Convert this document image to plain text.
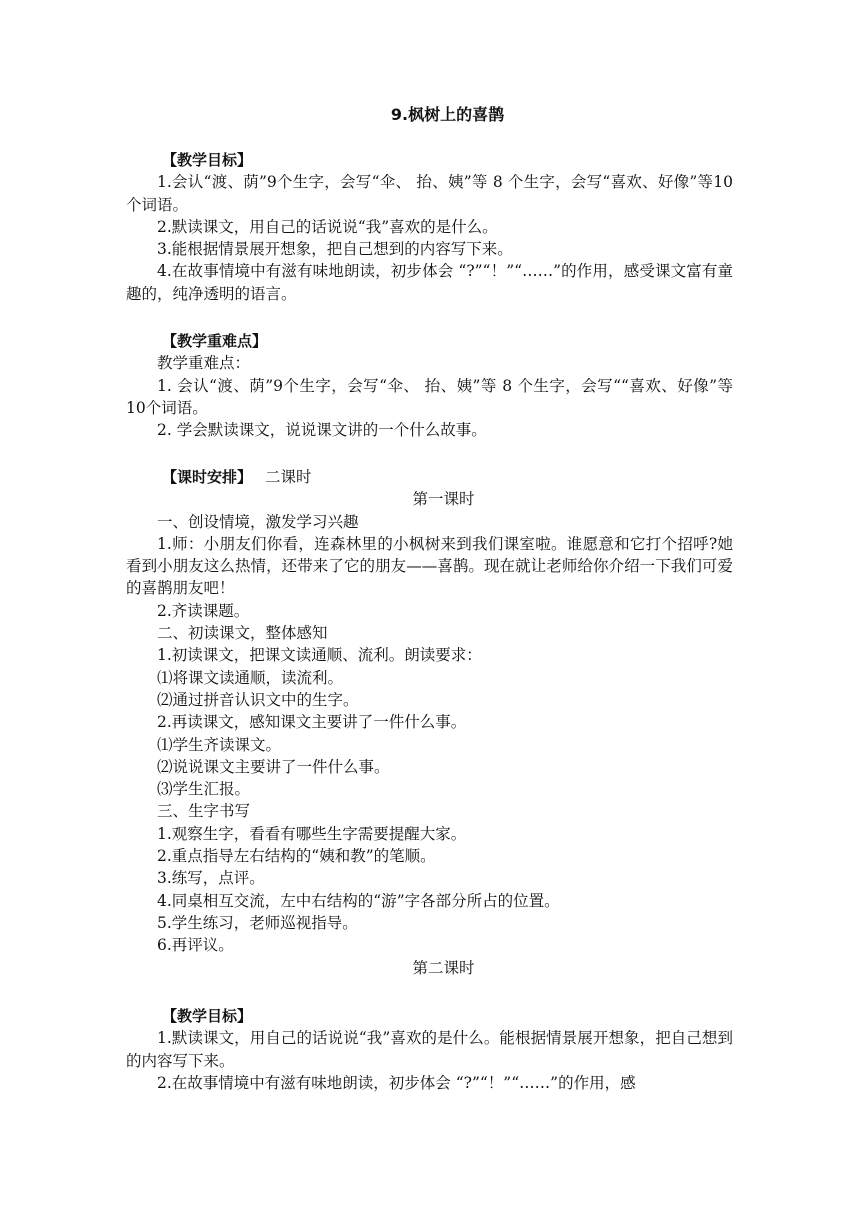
9.枫树上的喜鹊

【教学目标】

1.会认“渡、荫”9个生字，会写“伞、 抬、姨”等 8 个生字，会写“喜欢、好像”等10个词语。

2.默读课文，用自己的话说说“我”喜欢的是什么。

3.能根据情景展开想象，把自己想到的内容写下来。

4.在故事情境中有滋有味地朗读，初步体会 “?”“！”“……”的作用，感受课文富有童趣的，纯净透明的语言。

【教学重难点】

教学重难点：

1. 会认“渡、荫”9个生字，会写“伞、 抬、姨”等 8 个生字，会写““喜欢、好像”等10个词语。

2. 学会默读课文，说说课文讲的一个什么故事。

【课时安排】 二课时

第一课时

一、创设情境，激发学习兴趣

1.师：小朋友们你看，连森林里的小枫树来到我们课室啦。谁愿意和它打个招呼?她看到小朋友这么热情，还带来了它的朋友——喜鹊。现在就让老师给你介绍一下我们可爱的喜鹊朋友吧！

2.齐读课题。

二、初读课文，整体感知

1.初读课文，把课文读通顺、流利。朗读要求：

⑴将课文读通顺，读流利。

⑵通过拼音认识文中的生字。

2.再读课文，感知课文主要讲了一件什么事。

⑴学生齐读课文。

⑵说说课文主要讲了一件什么事。

⑶学生汇报。

三、生字书写

1.观察生字，看看有哪些生字需要提醒大家。

2.重点指导左右结构的“姨和教”的笔顺。

3.练写，点评。

4.同桌相互交流，左中右结构的“游”字各部分所占的位置。

5.学生练习，老师巡视指导。

6.再评议。

第二课时

【教学目标】

1.默读课文，用自己的话说说“我”喜欢的是什么。能根据情景展开想象，把自己想到的内容写下来。

2.在故事情境中有滋有味地朗读，初步体会 “?”“！”“……”的作用，感
